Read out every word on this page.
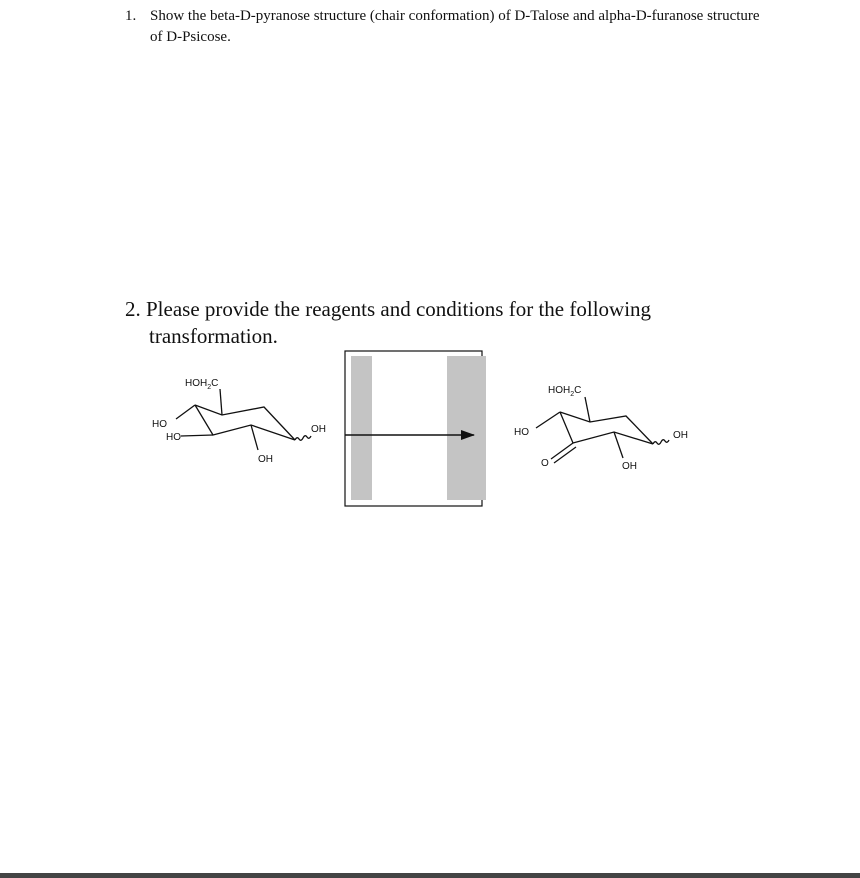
1. Show the beta-D-pyranose structure (chair conformation) of D-Talose and alpha-D-furanose structure of D-Psicose.
2. Please provide the reagents and conditions for the following
transformation.
$HOH_2C$
HO
HO
OH
OH
$HOH_2C$
HO
O
OH
OH
